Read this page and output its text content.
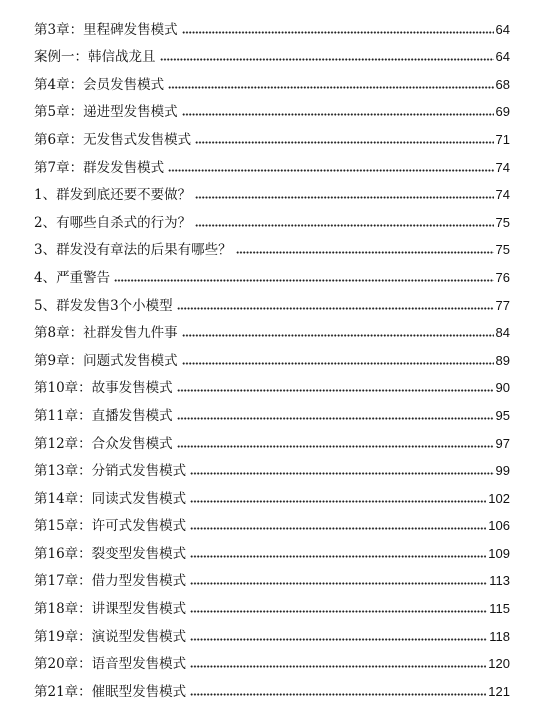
第3章：里程碑发售模式	64
案例一：韩信战龙且	64
第4章：会员发售模式	68
第5章：递进型发售模式	69
第6章：无发售式发售模式	71
第7章：群发发售模式	74
1、群发到底还要不要做？	74
2、有哪些自杀式的行为？	75
3、群发没有章法的后果有哪些？	75
4、严重警告	76
5、群发发售3个小模型	77
第8章：社群发售九件事	84
第9章：问题式发售模式	89
第10章：故事发售模式	90
第11章：直播发售模式	95
第12章：合众发售模式	97
第13章：分销式发售模式	99
第14章：同读式发售模式	102
第15章：许可式发售模式	106
第16章：裂变型发售模式	109
第17章：借力型发售模式	113
第18章：讲课型发售模式	115
第19章：演说型发售模式	118
第20章：语音型发售模式	120
第21章：催眠型发售模式	121
